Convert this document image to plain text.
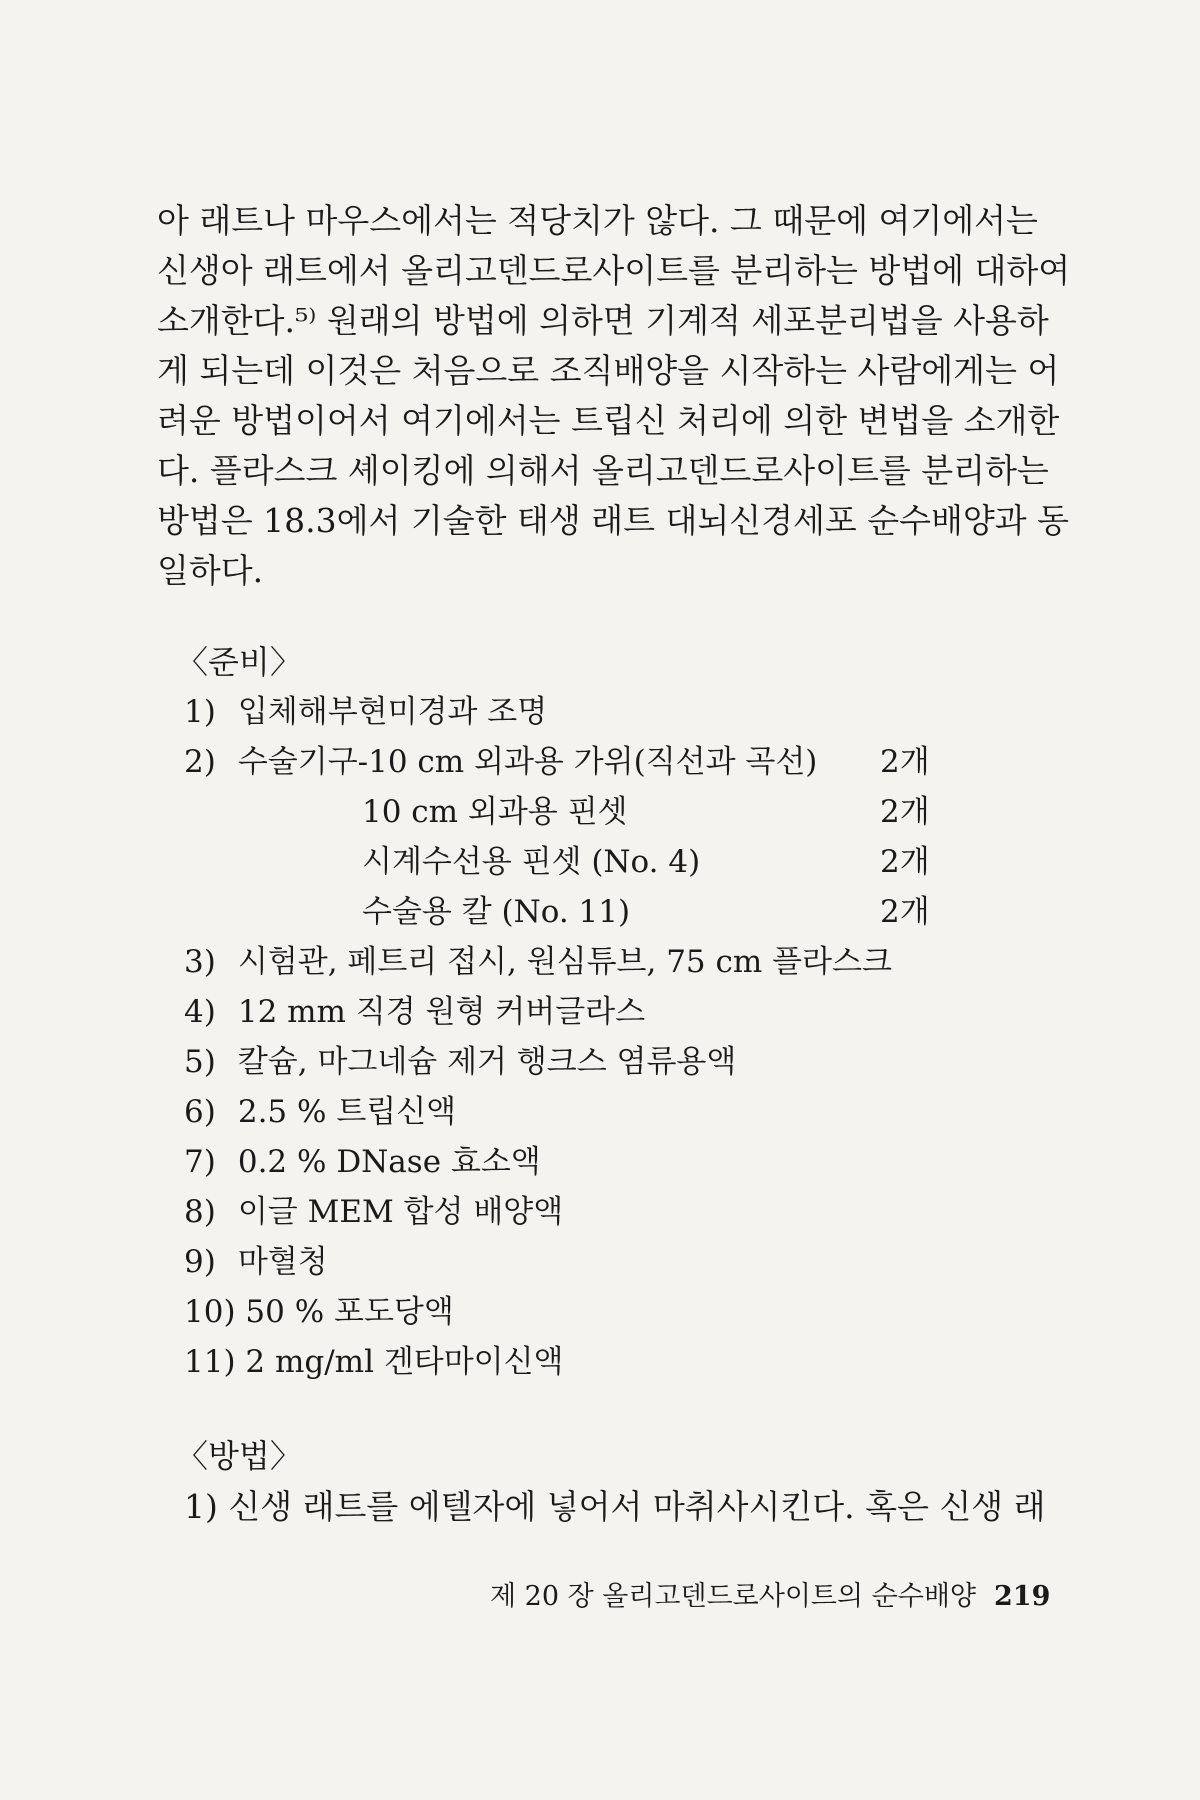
아 래트나 마우스에서는 적당치가 않다. 그 때문에 여기에서는
신생아 래트에서 올리고덴드로사이트를 분리하는 방법에 대하여
소개한다.⁵⁾ 원래의 방법에 의하면 기계적 세포분리법을 사용하
게 되는데 이것은 처음으로 조직배양을 시작하는 사람에게는 어
려운 방법이어서 여기에서는 트립신 처리에 의한 변법을 소개한
다. 플라스크 셰이킹에 의해서 올리고덴드로사이트를 분리하는
방법은 18.3에서 기술한 태생 래트 대뇌신경세포 순수배양과 동
일하다.
〈준비〉
1) 입체해부현미경과 조명
2) 수술기구-10 cm 외과용 가위(직선과 곡선) 2개
10 cm 외과용 핀셋	2개
시계수선용 핀셋 (No. 4)	2개
수술용 칼 (No. 11)	2개
3) 시험관, 페트리 접시, 원심튜브, 75 cm 플라스크
4) 12 mm 직경 원형 커버글라스
5) 칼슘, 마그네슘 제거 행크스 염류용액
6) 2.5 % 트립신액
7) 0.2 % DNase 효소액
8) 이글 MEM 합성 배양액
9) 마혈청
10) 50 % 포도당액
11) 2 mg/ml 겐타마이신액
〈방법〉
1) 신생 래트를 에텔자에 넣어서 마취사시킨다. 혹은 신생 래
제 20 장 올리고덴드로사이트의 순수배양 219
